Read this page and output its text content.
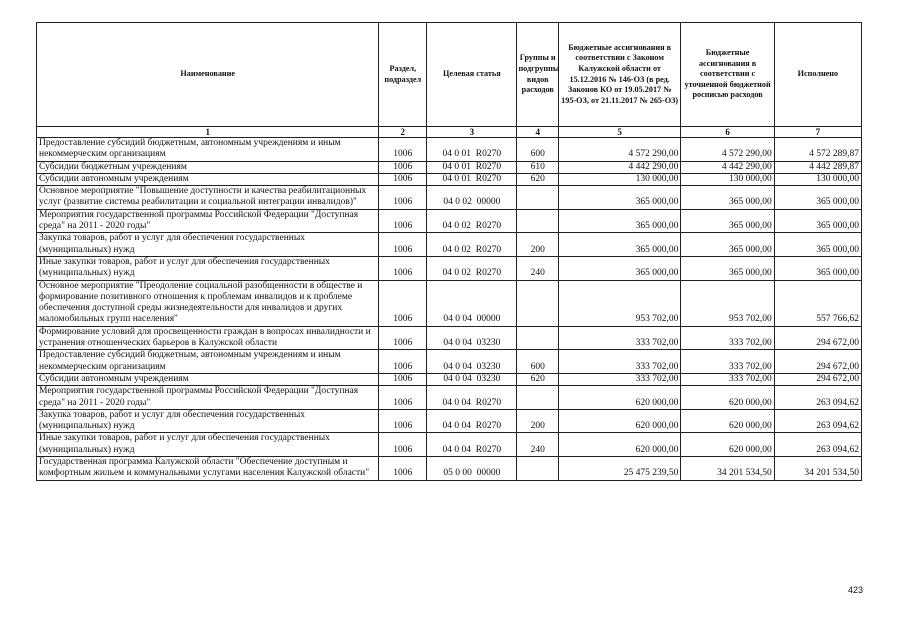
Наименование	Раздел, подраздел	Целевая статья	Группы и подгруппы видов расходов	Бюджетные ассигнования в соответствии с Законом Калужской области от 15.12.2016 № 146-ОЗ (в ред. Законов КО от 19.05.2017 № 195-ОЗ, от 21.11.2017 № 265-ОЗ)	Бюджетные ассигнования в соответствии с уточненной бюджетной росписью расходов	Исполнено
1	2	3	4	5	6	7
Предоставление субсидий бюджетным, автономным учреждениям и иным некоммерческим организациям	1006	04 0 01  R0270	600	4 572 290,00	4 572 290,00	4 572 289,87
Субсидии бюджетным учреждениям	1006	04 0 01  R0270	610	4 442 290,00	4 442 290,00	4 442 289,87
Субсидии автономным учреждениям	1006	04 0 01  R0270	620	130 000,00	130 000,00	130 000,00
Основное мероприятие "Повышение доступности и качества реабилитационных услуг (развитие системы реабилитации и социальной интеграции инвалидов)"	1006	04 0 02  00000		365 000,00	365 000,00	365 000,00
Мероприятия государственной программы Российской Федерации "Доступная среда" на 2011 - 2020 годы"	1006	04 0 02  R0270		365 000,00	365 000,00	365 000,00
Закупка товаров, работ и услуг для обеспечения государственных (муниципальных) нужд	1006	04 0 02  R0270	200	365 000,00	365 000,00	365 000,00
Иные закупки товаров, работ и услуг для обеспечения государственных (муниципальных) нужд	1006	04 0 02  R0270	240	365 000,00	365 000,00	365 000,00
Основное мероприятие "Преодоление социальной разобщенности в обществе и формирование позитивного отношения к проблемам инвалидов и к проблеме обеспечения доступной среды жизнедеятельности для инвалидов и других маломобильных групп населения"	1006	04 0 04  00000		953 702,00	953 702,00	557 766,62
Формирование условий для просвещенности граждан в вопросах инвалидности и устранения отношенческих барьеров в Калужской области	1006	04 0 04  03230		333 702,00	333 702,00	294 672,00
Предоставление субсидий бюджетным, автономным учреждениям и иным некоммерческим организациям	1006	04 0 04  03230	600	333 702,00	333 702,00	294 672,00
Субсидии автономным учреждениям	1006	04 0 04  03230	620	333 702,00	333 702,00	294 672,00
Мероприятия государственной программы Российской Федерации "Доступная среда" на 2011 - 2020 годы"	1006	04 0 04  R0270		620 000,00	620 000,00	263 094,62
Закупка товаров, работ и услуг для обеспечения государственных (муниципальных) нужд	1006	04 0 04  R0270	200	620 000,00	620 000,00	263 094,62
Иные закупки товаров, работ и услуг для обеспечения государственных (муниципальных) нужд	1006	04 0 04  R0270	240	620 000,00	620 000,00	263 094,62
Государственная программа Калужской области "Обеспечение доступным и комфортным жильем и коммунальными услугами населения Калужской области"	1006	05 0 00  00000		25 475 239,50	34 201 534,50	34 201 534,50
423
